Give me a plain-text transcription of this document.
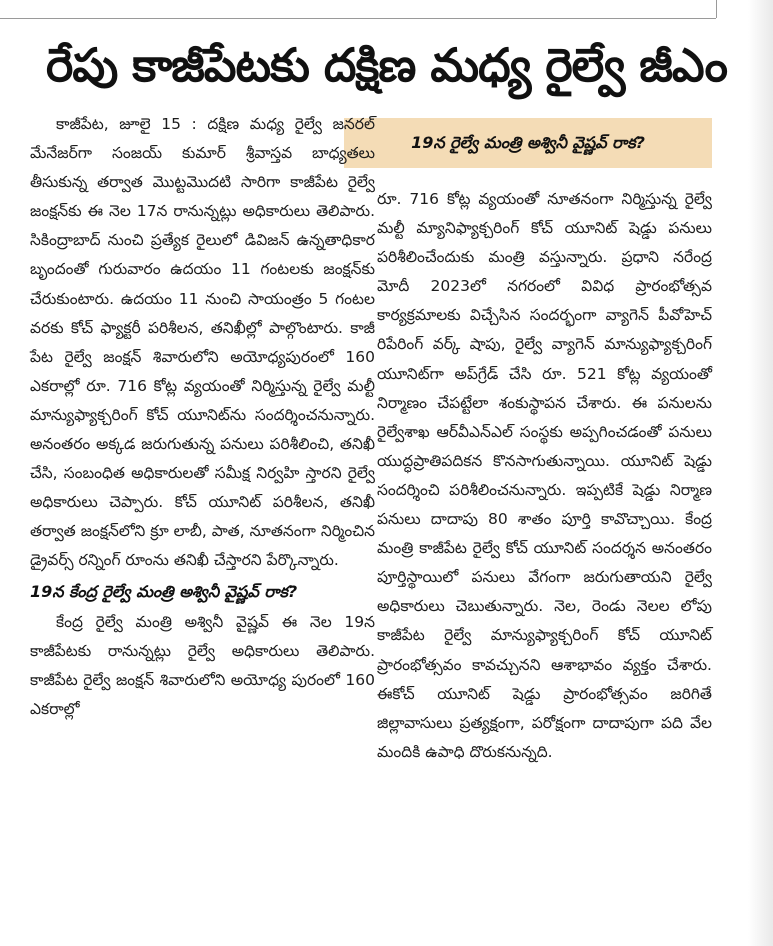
రేపు కాజీపేటకు దక్షిణ మధ్య రైల్వే జీఎం
19న రైల్వే మంత్రి అశ్వినీ వైష్ణవ్ రాక?

కాజీపేట, జూలై 15 : దక్షిణ మధ్య రైల్వే జనరల్ మేనేజర్‌గా సంజయ్ కుమార్ శ్రీవాస్తవ బాధ్యతలు తీసుకున్న తర్వాత మొట్టమొదటి సారిగా కాజీపేట రైల్వే జంక్షన్‌కు ఈ నెల 17న రానున్నట్లు అధికారులు తెలిపారు. సికింద్రాబాద్ నుంచి ప్రత్యేక రైలులో డివిజన్ ఉన్నతాధికార బృందంతో గురువారం ఉదయం 11 గంటలకు జంక్షన్‌కు చేరుకుంటారు. ఉదయం 11 నుంచి సాయంత్రం 5 గంటల వరకు కోచ్ ఫ్యాక్టరీ పరిశీలన, తనిఖీల్లో పాల్గొంటారు. కాజీ పేట రైల్వే జంక్షన్ శివారులోని అయోధ్యపురంలో 160 ఎకరాల్లో రూ. 716 కోట్ల వ్యయంతో నిర్మిస్తున్న రైల్వే మల్టీ మాన్యుఫ్యాక్చరింగ్ కోచ్ యూనిట్‌ను సందర్శించనున్నారు. అనంతరం అక్కడ జరుగుతున్న పనులు పరిశీలించి, తనిఖీ చేసి, సంబంధిత అధికారులతో సమీక్ష నిర్వహి స్తారని రైల్వే అధికారులు చెప్పారు. కోచ్ యూనిట్ పరిశీలన, తనిఖీ తర్వాత జంక్షన్‌లోని క్రూ లాబీ, పాత, నూతనంగా నిర్మించిన డ్రైవర్స్ రన్నింగ్ రూం‌ను తనిఖీ చేస్తారని పేర్కొన్నారు.

19న కేంద్ర రైల్వే మంత్రి అశ్వినీ వైష్ణవ్ రాక?

కేంద్ర రైల్వే మంత్రి అశ్వినీ వైష్ణవ్ ఈ నెల 19న కాజీపేటకు రానున్నట్లు రైల్వే అధికారులు తెలిపారు. కాజీపేట రైల్వే జంక్షన్ శివారులోని అయోధ్య పురంలో 160 ఎకరాల్లో

రూ. 716 కోట్ల వ్యయంతో నూతనంగా నిర్మిస్తున్న రైల్వే మల్టీ మ్యానిఫ్యాక్చరింగ్ కోచ్ యూనిట్ షెడ్డు పనులు పరిశీలించేందుకు మంత్రి వస్తున్నారు. ప్రధాని నరేంద్ర మోదీ 2023లో నగరంలో వివిధ ప్రారంభోత్సవ కార్యక్రమాలకు విచ్చేసిన సందర్భంగా వ్యాగెన్ పీవోహెచ్ రిపేరింగ్ వర్క్ షాపు, రైల్వే వ్యాగెన్ మాన్యుఫ్యాక్చరింగ్ యూనిట్‌గా అప్‌గ్రేడ్ చేసి రూ. 521 కోట్ల వ్యయంతో నిర్మాణం చేపట్టేలా శంకుస్థాపన చేశారు. ఈ పనులను రైల్వేశాఖ ఆర్‌వీఎన్‌ఎల్ సంస్థకు అప్పగించడంతో పనులు యుద్ధప్రాతిపదికన కొనసాగుతున్నాయి. యూనిట్ షెడ్డు సందర్శించి పరిశీలించనున్నారు. ఇప్పటికే షెడ్డు నిర్మాణ పనులు దాదాపు 80 శాతం పూర్తి కావొచ్చాయి. కేంద్ర మంత్రి కాజీపేట రైల్వే కోచ్ యూనిట్ సందర్శన అనంతరం పూర్తిస్థాయిలో పనులు వేగంగా జరుగుతాయని రైల్వే అధికారులు చెబుతున్నారు. నెల, రెండు నెలల లోపు కాజీపేట రైల్వే మాన్యుఫ్యాక్చరింగ్ కోచ్ యూనిట్ ప్రారంభోత్సవం కావచ్చునని ఆశాభావం వ్యక్తం చేశారు. ఈకోచ్ యూనిట్ షెడ్డు ప్రారంభోత్సవం జరిగితే జిల్లావాసులు ప్రత్యక్షంగా, పరోక్షంగా దాదాపుగా పది వేల మందికి ఉపాధి దొరుకనున్నది.
